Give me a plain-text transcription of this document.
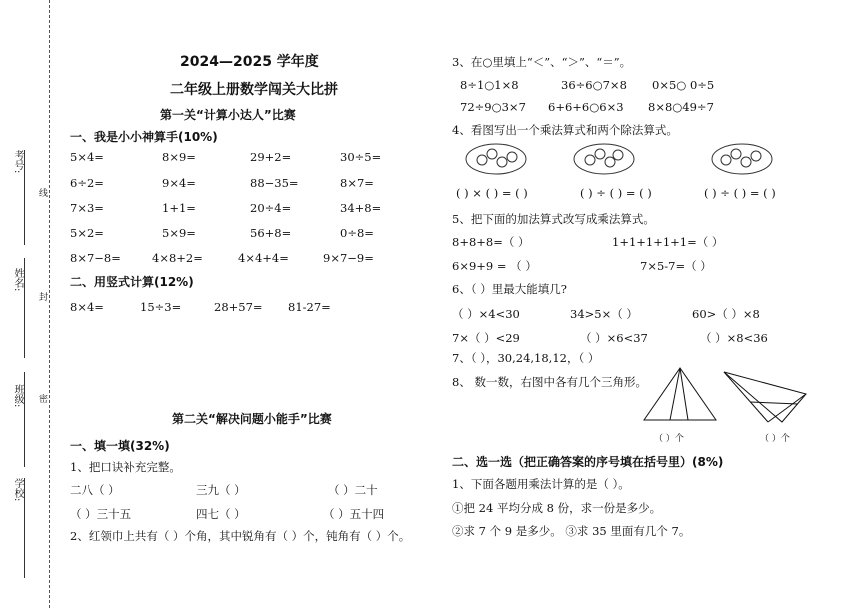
考号:
姓名:
班级:
学校:
线
封
密
2024—2025 学年度
二年级上册数学闯关大比拼
第一关“计算小达人”比赛
一、我是小小神算手(10%)
5×4=	8×9=	29+2=	30÷5=
6÷2=	9×4=	88−35=	8×7=
7×3=	1+1=	20÷4=	34+8=
5×2=	5×9=	56+8=	0÷8=
8×7−8=	4×8+2=	4×4+4=	9×7−9=
二、用竖式计算(12%)
8×4=	15÷3=	28+57= 81-27=
第二关“解决问题小能手”比赛
一、填一填(32%)
1、把口诀补充完整。
二八（ ）	三九（ ）	（ ）二十
（ ）三十五	四七（ ）	（ ）五十四
2、红领巾上共有（ ）个角，其中锐角有（ ）个，钝角有（ ）个。
3、在○里填上“＜”、“＞”、“＝”。
8÷1○1×8	36÷6○7×8 0×5○ 0÷5
72÷9○3×7 6+6+6○6×3 8×8○49÷7
4、看图写出一个乘法算式和两个除法算式。
( ) × ( ) = ( )	( ) ÷ ( ) = ( )	( ) ÷ ( ) = ( )
5、把下面的加法算式改写成乘法算式。
8+8+8=（ ）	1+1+1+1+1=（ ）
6×9+9 = （ ）	7×5-7=（ ）
6、（ ）里最大能填几?
（ ）×4<30	34>5×（ ）	60>（ ）×8
7×（ ）<29	（ ）×6<37	（ ）×8<36
7、（ ），30,24,18,12，（ ）
8、 数一数，右图中各有几个三角形。
（ ）个	（ ）个
二、选一选（把正确答案的序号填在括号里）(8%)
1、下面各题用乘法计算的是（ ）。
①把 24 平均分成 8 份，求一份是多少。
②求 7 个 9 是多少。 ③求 35 里面有几个 7。
